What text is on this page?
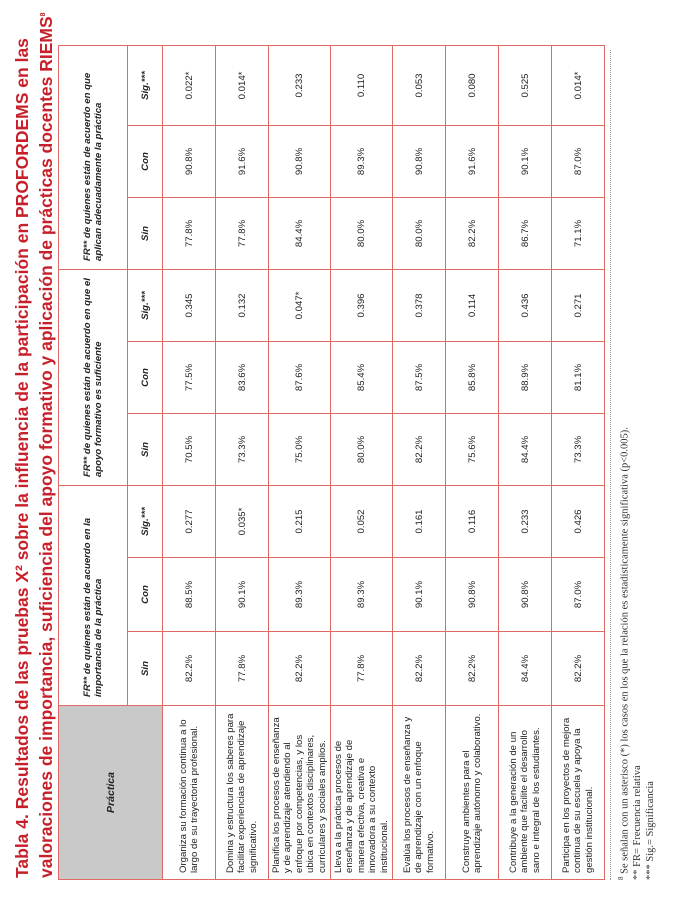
Tabla 4. Resultados de las pruebas X² sobre la influencia de la participación en PROFORDEMS en las valoraciones de importancia, suficiencia del apoyo formativo y aplicación de prácticas docentes RIEMS$^8$
Práctica	FR** de quienes están de acuerdo en la importancia de la práctica			FR** de quienes están de acuerdo en que el apoyo formativo es suficiente			FR** de quienes están de acuerdo en que aplican adecuadamente la práctica		
	Sin	Con	Sig.***	Sin	Con	Sig.***	Sin	Con	Sig.***
Organiza su formación continua a lo largo de su trayectoria profesional.	82.2%	88.5%	0.277	70.5%	77.5%	0.345	77.8%	90.8%	0.022*
Domina y estructura los saberes para facilitar experiencias de aprendizaje significativo.	77.8%	90.1%	0.035*	73.3%	83.6%	0.132	77.8%	91.6%	0.014*
Planifica los procesos de enseñanza y de aprendizaje atendiendo al enfoque por competencias, y los ubica en contextos disciplinares, curriculares y sociales amplios.	82.2%	89.3%	0.215	75.0%	87.6%	0.047*	84.4%	90.8%	0.233
Lleva a la práctica procesos de enseñanza y de aprendizaje de manera efectiva, creativa e innovadora a su contexto institucional.	77.8%	89.3%	0.052	80.0%	85.4%	0.396	80.0%	89.3%	0.110
Evalúa los procesos de enseñanza y de aprendizaje con un enfoque formativo.	82.2%	90.1%	0.161	82.2%	87.5%	0.378	80.0%	90.8%	0.053
Construye ambientes para el aprendizaje autónomo y colaborativo.	82.2%	90.8%	0.116	75.6%	85.8%	0.114	82.2%	91.6%	0.080
Contribuye a la generación de un ambiente que facilite el desarrollo sano e integral de los estudiantes.	84.4%	90.8%	0.233	84.4%	88.9%	0.436	86.7%	90.1%	0.525
Participa en los proyectos de mejora continua de su escuela y apoya la gestión institucional.	82.2%	87.0%	0.426	73.3%	81.1%	0.271	71.1%	87.0%	0.014*
$^8$ Se señalan con un asterisco (*) los casos en los que la relación es estadísticamente significativa (p<0.005). ** FR= Frecuencia relativa *** Sig.= Significancia
